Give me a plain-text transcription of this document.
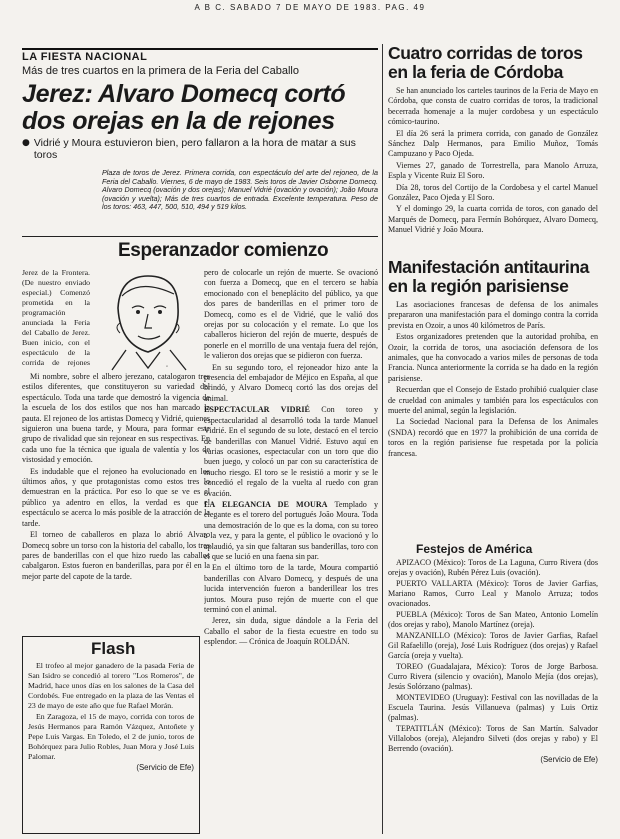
A B C. SABADO 7 DE MAYO DE 1983. PAG. 49
LA FIESTA NACIONAL
Más de tres cuartos en la primera de la Feria del Caballo
Jerez: Alvaro Domecq cortó dos orejas en la de rejones
● Vidrié y Moura estuvieron bien, pero fallaron a la hora de matar a sus toros
Plaza de toros de Jerez. Primera corrida, con espectáculo del arte del rejoneo, de la Feria del Caballo. Viernes, 6 de mayo de 1983. Seis toros de Javier Osborne Domecq. Alvaro Domecq (ovación y dos orejas); Manuel Vidrié (ovación y ovación); João Moura (ovación y vuelta); Más de tres cuartos de entrada. Excelente temperatura. Peso de los toros: 463, 447, 500, 510, 494 y 519 kilos.
Esperanzador comienzo
◦

Jerez de la Frontera. (De nuestro enviado especial.) Comenzó prometida en la programación anunciada la Feria del Caballo de Jerez. Buen inicio, con el espectáculo de la corrida de rejones

Mi nombre, sobre el albero jerezano, catalogaron tres estilos diferentes, que constituyeron su variedad del espectáculo. Toda una tarde que demostró la vigencia de la escuela de los dos estilos que nos han marcado la pauta. El rejoneo de los artistas Domecq y Vidrié, quienes siguieron una buena tarde, y Moura, para formar este grupo de rivalidad que sin rejonear en sus respectivas. En cada uno fue la técnica que iguala de valentía y los de vistosidad y emoción.

Es indudable que el rejoneo ha evolucionado en los últimos años, y que protagonistas como estos tres lo demuestran en la práctica. Por eso lo que se ve es el público ya adentro en ellos, la verdad es que el espectáculo se acerca lo más posible de la atracción de la tarde.

El torneo de caballeros en plaza lo abrió Alvaro Domecq sobre un torso con la historia del caballo, los tres pares de banderillas con el que hizo ruedo las caballos cabalgaron. Estos fueron en banderillas, para por él en la mejor parte del capote de la tarde.

pero de colocarle un rejón de muerte. Se ovacionó con fuerza a Domecq, que en el tercero se había emocionado con el beneplácito del público, ya que dos pares de banderillas en el primer toro de Domecq, como es el de Vidrié, que le valió dos orejas por su colocación y el remate. Lo que los caballeros hicieron del rejón de muerte, después de ponerle en el morrillo de una ventaja fuera del rejón, le valieron dos orejas que se pidieron con fuerza.

En su segundo toro, el rejoneador hizo ante la presencia del embajador de Méjico en España, al que brindó, y Alvaro Domecq cortó las dos orejas del animal.

ESPECTACULAR VIDRIÉ Con toreo y espectacularidad al desarrolló toda la tarde Manuel Vidrié. En el segundo de su lote, destacó en el tercio de banderillas con Manuel Vidrié. Estuvo aquí en varias ocasiones, espectacular con un toro que dio buen juego, y colocó un par con su característica de mucho riesgo. El toro se le resistió a morir y se le concedió el regalo de la vuelta al ruedo con gran ovación.

LA ELEGANCIA DE MOURA Templado y elegante es el torero del portugués João Moura. Toda una demostración de lo que es la doma, con su toreo a la vez, y para la gente, el público le ovacionó y lo aplaudió, ya sin que faltaran sus banderillas, toro con el que se lució en una faena sin par.

En el último toro de la tarde, Moura compartió banderillas con Alvaro Domecq, y después de una lucida intervención fueron a banderillear los tres juntos. Moura puso rejón de muerte con el que terminó con el animal.

Jerez, sin duda, sigue dándole a la Feria del Caballo el sabor de la fiesta ecuestre en todo su esplendor. — Crónica de Joaquín ROLDÁN.

Flash

El trofeo al mejor ganadero de la pasada Feria de San Isidro se concedió al torero "Los Romeros", de Madrid, hace unos días en los salones de la Casa del Cordobés. Fue entregado en la plaza de las Ventas el 23 de mayo de este año que fue Rafael Morán.

En Zaragoza, el 15 de mayo, corrida con toros de Jesús Hermanos para Ramón Vázquez, Antoñete y Pepe Luis Vargas. En Toledo, el 2 de junio, toros de Bohórquez para Julio Robles, Juan Mora y José Luis Palomar.

(Servicio de Efe)
Cuatro corridas de toros en la feria de Córdoba

Se han anunciado los carteles taurinos de la Feria de Mayo en Córdoba, que consta de cuatro corridas de toros, la tradicional becerrada homenaje a la mujer cordobesa y un espectáculo cómico-taurino.

El día 26 será la primera corrida, con ganado de González Sánchez Dalp Hermanos, para Emilio Muñoz, Tomás Campuzano y Paco Ojeda.

Viernes 27, ganado de Torrestrella, para Manolo Arruza, Espla y Vicente Ruiz El Soro.

Día 28, toros del Cortijo de la Cordobesa y el cartel Manuel González, Paco Ojeda y El Soro.

Y el domingo 29, la cuarta corrida de toros, con ganado del Marqués de Domecq, para Fermín Bohórquez, Alvaro Domecq, Manuel Vidrié y João Moura.

Manifestación antitaurina en la región parisiense

Las asociaciones francesas de defensa de los animales prepararon una manifestación para el domingo contra la corrida prevista en Ozoir, a unos 40 kilómetros de París.

Estos organizadores pretenden que la autoridad prohíba, en Ozoir, la corrida de toros, una asociación defensora de los animales, que ha convocado a varios miles de personas de toda Francia. Nunca anteriormente la corrida se ha dado en la región parisiense.

Recuerdan que el Consejo de Estado prohibió cualquier clase de crueldad con animales y también para los espectáculos con muerte del animal, según la legislación.

La Sociedad Nacional para la Defensa de los Animales (SNDA) recordó que en 1977 la prohibición de una corrida de toros en la región parisiense fue respetada por la policía francesa.

Festejos de América

APIZACO (México): Toros de La Laguna, Curro Rivera (dos orejas y ovación), Rubén Pérez Luis (ovación).

PUERTO VALLARTA (México): Toros de Javier Garfias, Mariano Ramos, Curro Leal y Manolo Arruza; todos ovacionados.

PUEBLA (México): Toros de San Mateo, Antonio Lomelín (dos orejas y rabo), Manolo Martínez (oreja).

MANZANILLO (México): Toros de Javier Garfias, Rafael Gil Rafaelillo (oreja), José Luis Rodríguez (dos orejas) y Rafael García (oreja y vuelta).

TOREO (Guadalajara, México): Toros de Jorge Barbosa. Curro Rivera (silencio y ovación), Manolo Mejía (dos orejas), Jesús Solórzano (palmas).

MONTEVIDEO (Uruguay): Festival con las novilladas de la Escuela Taurina. Jesús Villanueva (palmas) y Luis Ortiz (palmas).

TEPATITLÁN (México): Toros de San Martín. Salvador Villalobos (oreja), Alejandro Silveti (dos orejas y rabo) y El Berrendo (ovación).

(Servicio de Efe)
